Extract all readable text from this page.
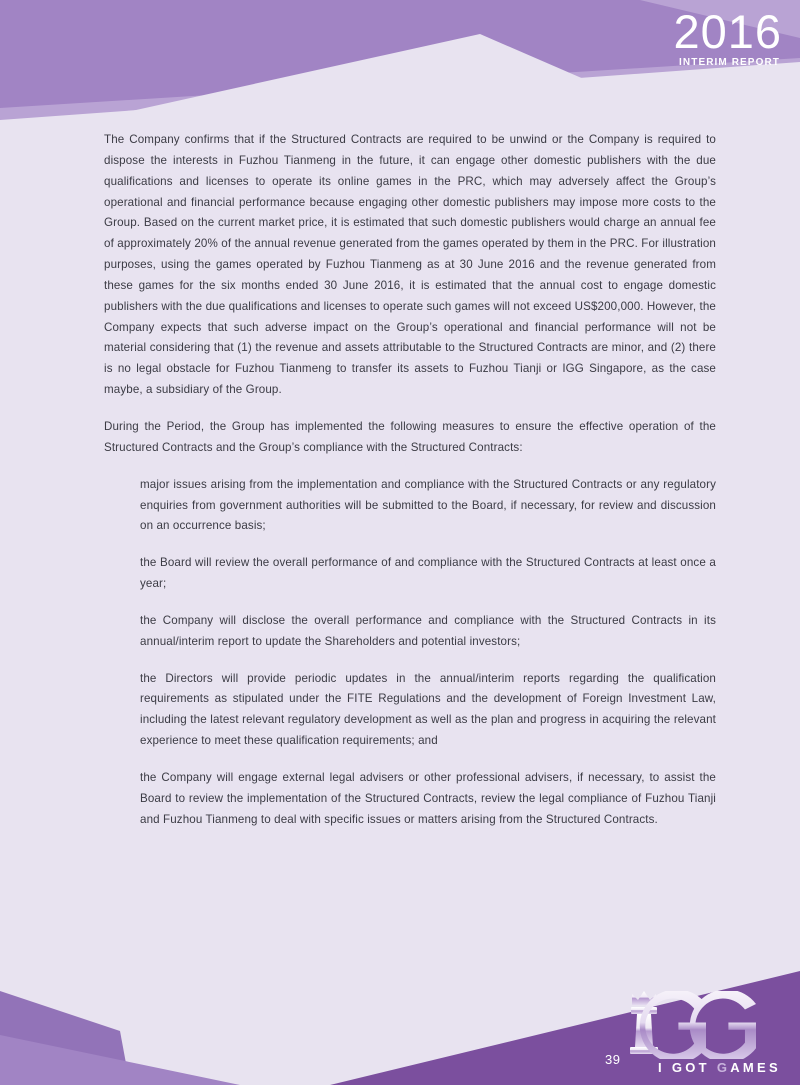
2016
INTERIM REPORT

The Company confirms that if the Structured Contracts are required to be unwind or the Company is required to dispose the interests in Fuzhou Tianmeng in the future, it can engage other domestic publishers with the due qualifications and licenses to operate its online games in the PRC, which may adversely affect the Group’s operational and financial performance because engaging other domestic publishers may impose more costs to the Group. Based on the current market price, it is estimated that such domestic publishers would charge an annual fee of approximately 20% of the annual revenue generated from the games operated by them in the PRC. For illustration purposes, using the games operated by Fuzhou Tianmeng as at 30 June 2016 and the revenue generated from these games for the six months ended 30 June 2016, it is estimated that the annual cost to engage domestic publishers with the due qualifications and licenses to operate such games will not exceed US$200,000. However, the Company expects that such adverse impact on the Group’s operational and financial performance will not be material considering that (1) the revenue and assets attributable to the Structured Contracts are minor, and (2) there is no legal obstacle for Fuzhou Tianmeng to transfer its assets to Fuzhou Tianji or IGG Singapore, as the case maybe, a subsidiary of the Group.

During the Period, the Group has implemented the following measures to ensure the effective operation of the Structured Contracts and the Group’s compliance with the Structured Contracts:

major issues arising from the implementation and compliance with the Structured Contracts or any regulatory enquiries from government authorities will be submitted to the Board, if necessary, for review and discussion on an occurrence basis;

the Board will review the overall performance of and compliance with the Structured Contracts at least once a year;

the Company will disclose the overall performance and compliance with the Structured Contracts in its annual/interim report to update the Shareholders and potential investors;

the Directors will provide periodic updates in the annual/interim reports regarding the qualification requirements as stipulated under the FITE Regulations and the development of Foreign Investment Law, including the latest relevant regulatory development as well as the plan and progress in acquiring the relevant experience to meet these qualification requirements; and

the Company will engage external legal advisers or other professional advisers, if necessary, to assist the Board to review the implementation of the Structured Contracts, review the legal compliance of Fuzhou Tianji and Fuzhou Tianmeng to deal with specific issues or matters arising from the Structured Contracts.

39
I GOT GAMES
